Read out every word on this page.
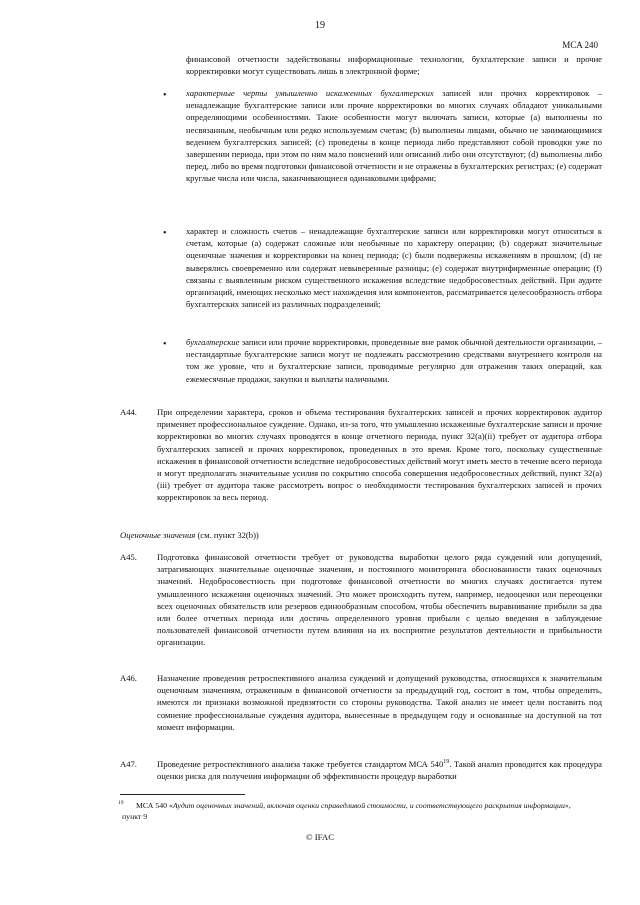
19
MCA 240

финансовой отчетности задействованы информационные технологии, бухгалтерские записи и прочие корректировки могут существовать лишь в электронной форме;

• характерные черты умышленно искаженных бухгалтерских записей или прочих корректировок – ненадлежащие бухгалтерские записи или прочие корректировки во многих случаях обладают уникальными определяющими особенностями. Такие особенности могут включать записи, которые (a) выполнены по несвязанным, необычным или редко используемым счетам; (b) выполнены лицами, обычно не занимающимися ведением бухгалтерских записей; (c) проведены в конце периода либо представляют собой проводки уже по завершении периода, при этом по ним мало пояснений или описаний либо они отсутствуют; (d) выполнены либо перед, либо во время подготовки финансовой отчетности и не отражены в бухгалтерских регистрах; (e) содержат круглые числа или числа, заканчивающиеся одинаковыми цифрами;

• характер и сложность счетов – ненадлежащие бухгалтерские записи или корректировки могут относиться к счетам, которые (a) содержат сложные или необычные по характеру операции; (b) содержат значительные оценочные значения и корректировки на конец периода; (c) были подвержены искажениям в прошлом; (d) не выверялись своевременно или содержат невыверенные разницы; (e) содержат внутрифирменные операции; (f) связаны с выявленным риском существенного искажения вследствие недобросовестных действий. При аудите организаций, имеющих несколько мест нахождения или компонентов, рассматривается целесообразность отбора бухгалтерских записей из различных подразделений;

• бухгалтерские записи или прочие корректировки, проведенные вне рамок обычной деятельности организации, – нестандартные бухгалтерские записи могут не подлежать рассмотрению средствами внутреннего контроля на том же уровне, что и бухгалтерские записи, проводимые регулярно для отражения таких операций, как ежемесячные продажи, закупки и выплаты наличными.

A44. При определении характера, сроков и объема тестирования бухгалтерских записей и прочих корректировок аудитор применяет профессиональное суждение. Однако, из-за того, что умышленно искаженные бухгалтерские записи и прочие корректировки во многих случаях проводятся в конце отчетного периода, пункт 32(a)(ii) требует от аудитора отбора бухгалтерских записей и прочих корректировок, проведенных в это время. Кроме того, поскольку существенные искажения в финансовой отчетности вследствие недобросовестных действий могут иметь место в течение всего периода и могут предполагать значительные усилия по сокрытию способа совершения недобросовестных действий, пункт 32(a)(iii) требует от аудитора также рассмотреть вопрос о необходимости тестирования бухгалтерских записей и прочих корректировок за весь период.

Оценочные значения (см. пункт 32(b))

A45. Подготовка финансовой отчетности требует от руководства выработки целого ряда суждений или допущений, затрагивающих значительные оценочные значения, и постоянного мониторинга обоснованности таких оценочных значений. Недобросовестность при подготовке финансовой отчетности во многих случаях достигается путем умышленного искажения оценочных значений. Это может происходить путем, например, недооценки или переоценки всех оценочных обязательств или резервов единообразным способом, чтобы обеспечить выравнивание прибыли за два или более отчетных периода или достичь определенного уровня прибыли с целью введения в заблуждение пользователей финансовой отчетности путем влияния на их восприятие результатов деятельности и прибыльности организации.

A46. Назначение проведения ретроспективного анализа суждений и допущений руководства, относящихся к значительным оценочным значениям, отраженным в финансовой отчетности за предыдущий год, состоит в том, чтобы определить, имеются ли признаки возможной предвзятости со стороны руководства. Такой анализ не имеет цели поставить под сомнение профессиональные суждения аудитора, вынесенные в предыдущем году и основанные на доступной на тот момент информации.

A47. Проведение ретроспективного анализа также требуется стандартом МСА $540^{19}$. Такой анализ проводится как процедура оценки риска для получения информации об эффективности процедур выработки

19	МСА 540 «Аудит оценочных значений, включая оценки справедливой стоимости, и соответствующего раскрытия информации»,
пункт 9
© IFAC
